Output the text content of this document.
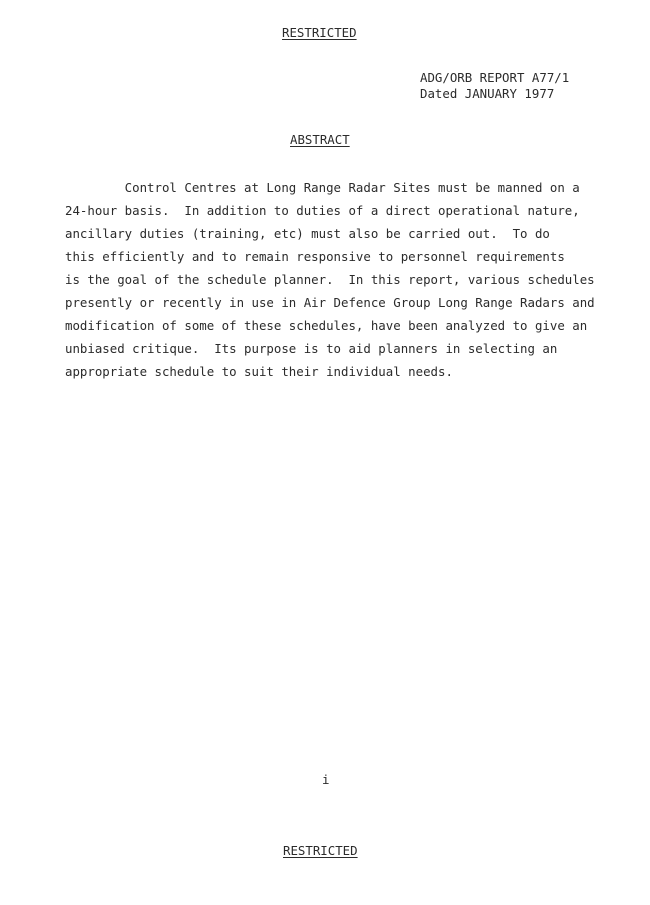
RESTRICTED
ADG/ORB REPORT A77/1
Dated JANUARY 1977
ABSTRACT
Control Centres at Long Range Radar Sites must be manned on a
24-hour basis.  In addition to duties of a direct operational nature,
ancillary duties (training, etc) must also be carried out.  To do
this efficiently and to remain responsive to personnel requirements
is the goal of the schedule planner.  In this report, various schedules
presently or recently in use in Air Defence Group Long Range Radars and
modification of some of these schedules, have been analyzed to give an
unbiased critique.  Its purpose is to aid planners in selecting an
appropriate schedule to suit their individual needs.
i
RESTRICTED
